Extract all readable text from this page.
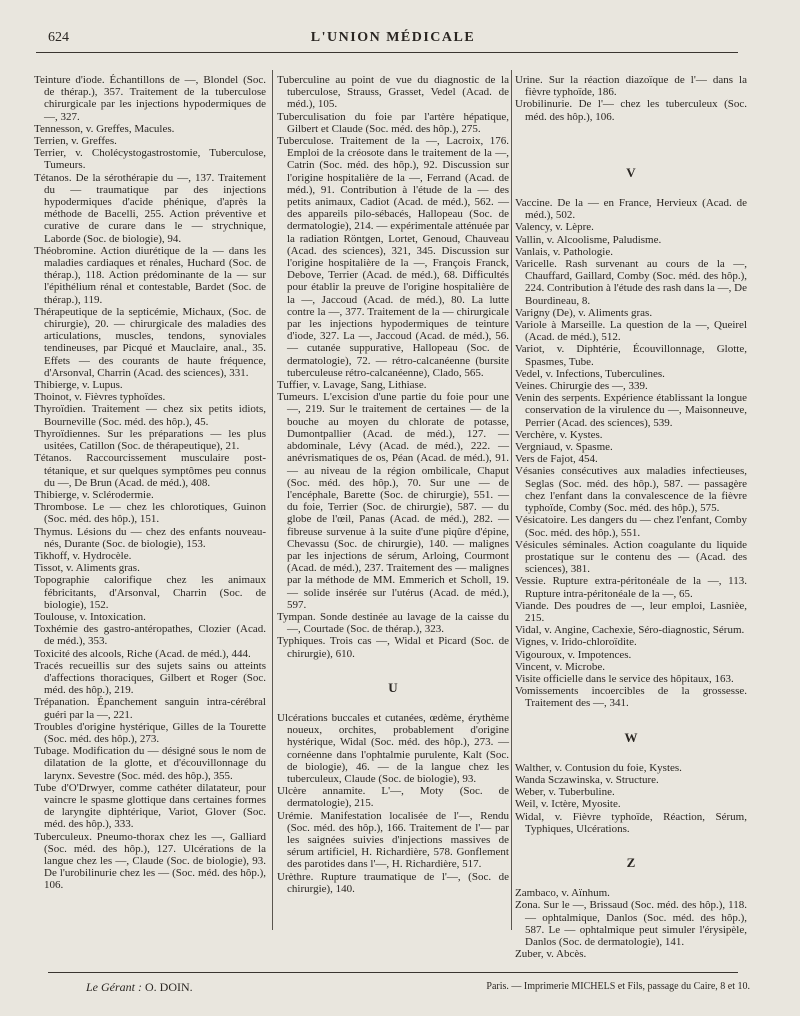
624	L'UNION MÉDICALE

Teinture d'iode. Échantillons de —, Blondel (Soc. de thérap.), 357. Traitement de la tuberculose chirurgicale par les injections hypodermiques de —, 327.

Tennesson, v. Greffes, Macules.

Terrien, v. Greffes.

Terrier, v. Cholécystogastrostomie, Tuberculose, Tumeurs.

Tétanos. De la sérothérapie du —, 137. Traitement du — traumatique par des injections hypodermiques d'acide phénique, d'après la méthode de Bacelli, 255. Action préventive et curative de curare dans le — strychnique, Laborde (Soc. de biologie), 94.

Théobromine. Action diurétique de la — dans les maladies cardiaques et rénales, Huchard (Soc. de thérap.), 118. Action prédominante de la — sur l'épithélium rénal et contestable, Bardet (Soc. de thérap.), 119.

Thérapeutique de la septicémie, Michaux, (Soc. de chirurgie), 20. — chirurgicale des maladies des articulations, muscles, tendons, synoviales tendineuses, par Picqué et Mauclaire, anal., 35. Effets — des courants de haute fréquence, d'Arsonval, Charrin (Acad. des sciences), 331.

Thibierge, v. Lupus.

Thoinot, v. Fièvres typhoïdes.

Thyroïdien. Traitement — chez six petits idiots, Bourneville (Soc. méd. des hôp.), 45.

Thyroïdiennes. Sur les préparations — les plus usitées, Catillon (Soc. de thérapeutique), 21.

Tétanos. Raccourcissement musculaire post-tétanique, et sur quelques symptômes peu connus du —, De Brun (Acad. de méd.), 408.

Thibierge, v. Sclérodermie.

Thrombose. Le — chez les chlorotiques, Guinon (Soc. méd. des hôp.), 151.

Thymus. Lésions du — chez des enfants nouveau-nés, Durante (Soc. de biologie), 153.

Tikhoff, v. Hydrocèle.

Tissot, v. Aliments gras.

Topographie calorifique chez les animaux fébricitants, d'Arsonval, Charrin (Soc. de biologie), 152.

Toulouse, v. Intoxication.

Toxhémie des gastro-antéropathes, Clozier (Acad. de méd.), 353.

Toxicité des alcools, Riche (Acad. de méd.), 444.

Tracés recueillis sur des sujets sains ou atteints d'affections thoraciques, Gilbert et Roger (Soc. méd. des hôp.), 219.

Trépanation. Épanchement sanguin intra-cérébral guéri par la —, 221.

Troubles d'origine hystérique, Gilles de la Tourette (Soc. méd. des hôp.), 273.

Tubage. Modification du — désigné sous le nom de dilatation de la glotte, et d'écouvillonnage du larynx. Sevestre (Soc. méd. des hôp.), 355.

Tube d'O'Drwyer, comme cathéter dilatateur, pour vaincre le spasme glottique dans certaines formes de laryngite diphtérique, Variot, Glover (Soc. méd. des hôp.), 333.

Tuberculeux. Pneumo-thorax chez les —, Galliard (Soc. méd. des hôp.), 127. Ulcérations de la langue chez les —, Claude (Soc. de biologie), 93. De l'urobilinurie chez les — (Soc. méd. des hôp.), 106.

Tuberculine au point de vue du diagnostic de la tuberculose, Strauss, Grasset, Vedel (Acad. de méd.), 105.

Tuberculisation du foie par l'artère hépatique, Gilbert et Claude (Soc. méd. des hôp.), 275.

Tuberculose. Traitement de la —, Lacroix, 176. Emploi de la créosote dans le traitement de la —, Catrin (Soc. méd. des hôp.), 92. Discussion sur l'origine hospitalière de la —, Ferrand (Acad. de méd.), 91. Contribution à l'étude de la — des petits animaux, Cadiot (Acad. de méd.), 562. — des appareils pilo-sébacés, Hallopeau (Soc. de dermatologie), 214. — expérimentale atténuée par la radiation Röntgen, Lortet, Genoud, Chauveau (Acad. des sciences), 321, 345. Discussion sur l'origine hospitalière de la —, François Franck, Debove, Terrier (Acad. de méd.), 68. Difficultés pour établir la preuve de l'origine hospitalière de la —, Jaccoud (Acad. de méd.), 80. La lutte contre la —, 377. Traitement de la — chirurgicale par les injections hypodermiques de teinture d'iode, 327. La —, Jaccoud (Acad. de méd.), 56. — cutanée suppurative, Hallopeau (Soc. de dermatologie), 72. — rétro-calcanéenne (bursite tuberculeuse rétro-calcanéenne), Clado, 565.

Tuffier, v. Lavage, Sang, Lithiase.

Tumeurs. L'excision d'une partie du foie pour une —, 219. Sur le traitement de certaines — de la bouche au moyen du chlorate de potasse, Dumontpallier (Acad. de méd.), 127. — abdominale, Lévy (Acad. de méd.), 222. — anévrismatiques de os, Péan (Acad. de méd.), 91. — au niveau de la région ombilicale, Chaput (Soc. méd. des hôp.), 70. Sur une — de l'encéphale, Barette (Soc. de chirurgie), 551. — du foie, Terrier (Soc. de chirurgie), 587. — du globe de l'œil, Panas (Acad. de méd.), 282. — fibreuse survenue à la suite d'une piqûre d'épine, Chevassu (Soc. de chirurgie), 140. — malignes par les injections de sérum, Arloing, Courmont (Acad. de méd.), 237. Traitement des — malignes par la méthode de MM. Emmerich et Scholl, 19. — solide insérée sur l'utérus (Acad. de méd.), 597.

Tympan. Sonde destinée au lavage de la caisse du —, Courtade (Soc. de thérap.), 323.

Typhiques. Trois cas —, Widal et Picard (Soc. de chirurgie), 610.

U

Ulcérations buccales et cutanées, œdème, érythème noueux, orchites, probablement d'origine hystérique, Widal (Soc. méd. des hôp.), 273. — cornéenne dans l'ophtalmie purulente, Kalt (Soc. de biologie), 46. — de la langue chez les tuberculeux, Claude (Soc. de biologie), 93.

Ulcère annamite. L'—, Moty (Soc. de dermatologie), 215.

Urémie. Manifestation localisée de l'—, Rendu (Soc. méd. des hôp.), 166. Traitement de l'— par les saignées suivies d'injections massives de sérum artificiel, H. Richardière, 578. Gonflement des parotides dans l'—, H. Richardière, 517.

Urèthre. Rupture traumatique de l'—, (Soc. de chirurgie), 140.

Urine. Sur la réaction diazoïque de l'— dans la fièvre typhoïde, 186.

Urobilinurie. De l'— chez les tuberculeux (Soc. méd. des hôp.), 106.

V

Vaccine. De la — en France, Hervieux (Acad. de méd.), 502.

Valency, v. Lèpre.

Vallin, v. Alcoolisme, Paludisme.

Vanlais, v. Pathologie.

Varicelle. Rash survenant au cours de la —, Chauffard, Gaillard, Comby (Soc. méd. des hôp.), 224. Contribution à l'étude des rash dans la —, De Bourdineau, 8.

Varigny (De), v. Aliments gras.

Variole à Marseille. La question de la —, Queirel (Acad. de méd.), 512.

Variot, v. Diphtérie, Écouvillonnage, Glotte, Spasmes, Tube.

Vedel, v. Infections, Tuberculines.

Veines. Chirurgie des —, 339.

Venin des serpents. Expérience établissant la longue conservation de la virulence du —, Maisonneuve, Perrier (Acad. des sciences), 539.

Verchère, v. Kystes.

Vergniaud, v. Spasme.

Vers de Fajot, 454.

Vésanies consécutives aux maladies infectieuses, Seglas (Soc. méd. des hôp.), 587. — passagère chez l'enfant dans la convalescence de la fièvre typhoïde, Comby (Soc. méd. des hôp.), 575.

Vésicatoire. Les dangers du — chez l'enfant, Comby (Soc. méd. des hôp.), 551.

Vésicules séminales. Action coagulante du liquide prostatique sur le contenu des — (Acad. des sciences), 381.

Vessie. Rupture extra-péritonéale de la —, 113. Rupture intra-péritonéale de la —, 65.

Viande. Des poudres de —, leur emploi, Lasnièe, 215.

Vidal, v. Angine, Cachexie, Séro-diagnostic, Sérum.

Vignes, v. Irido-chloroïdite.

Vigouroux, v. Impotences.

Vincent, v. Microbe.

Visite officielle dans le service des hôpitaux, 163.

Vomissements incoercibles de la grossesse. Traitement des —, 341.

W

Walther, v. Contusion du foie, Kystes.

Wanda Sczawinska, v. Structure.

Weber, v. Tuberbuline.

Weil, v. Ictère, Myosite.

Widal, v. Fièvre typhoïde, Réaction, Sérum, Typhiques, Ulcérations.

Z

Zambaco, v. Aïnhum.

Zona. Sur le —, Brissaud (Soc. méd. des hôp.), 118. — ophtalmique, Danlos (Soc. méd. des hôp.), 587. Le — ophtalmique peut simuler l'érysipèle, Danlos (Soc. de dermatologie), 141.

Zuber, v. Abcès.

Le Gérant : O. DOIN.	Paris. — Imprimerie MICHELS et Fils, passage du Caire, 8 et 10.
